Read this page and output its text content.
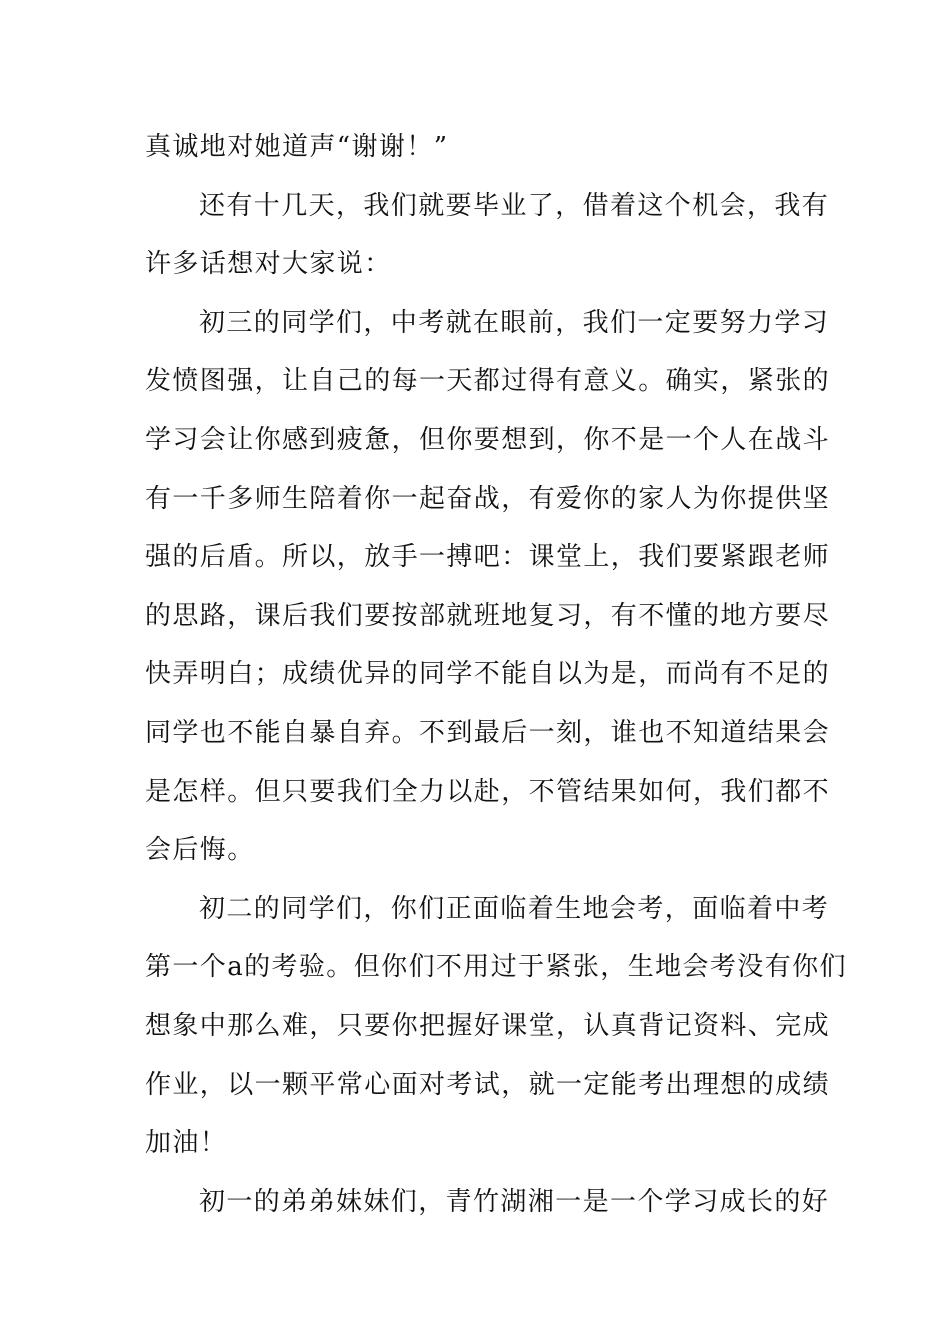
真诚地对她道声“谢谢！”
还有十几天，我们就要毕业了，借着这个机会，我有
许多话想对大家说：
初三的同学们，中考就在眼前，我们一定要努力学习
发愤图强，让自己的每一天都过得有意义。确实，紧张的
学习会让你感到疲惫，但你要想到，你不是一个人在战斗
有一千多师生陪着你一起奋战，有爱你的家人为你提供坚
强的后盾。所以，放手一搏吧：课堂上，我们要紧跟老师
的思路，课后我们要按部就班地复习，有不懂的地方要尽
快弄明白；成绩优异的同学不能自以为是，而尚有不足的
同学也不能自暴自弃。不到最后一刻，谁也不知道结果会
是怎样。但只要我们全力以赴，不管结果如何，我们都不
会后悔。
初二的同学们，你们正面临着生地会考，面临着中考
第一个a的考验。但你们不用过于紧张，生地会考没有你们
想象中那么难，只要你把握好课堂，认真背记资料、完成
作业，以一颗平常心面对考试，就一定能考出理想的成绩
加油！
初一的弟弟妹妹们，青竹湖湘一是一个学习成长的好
